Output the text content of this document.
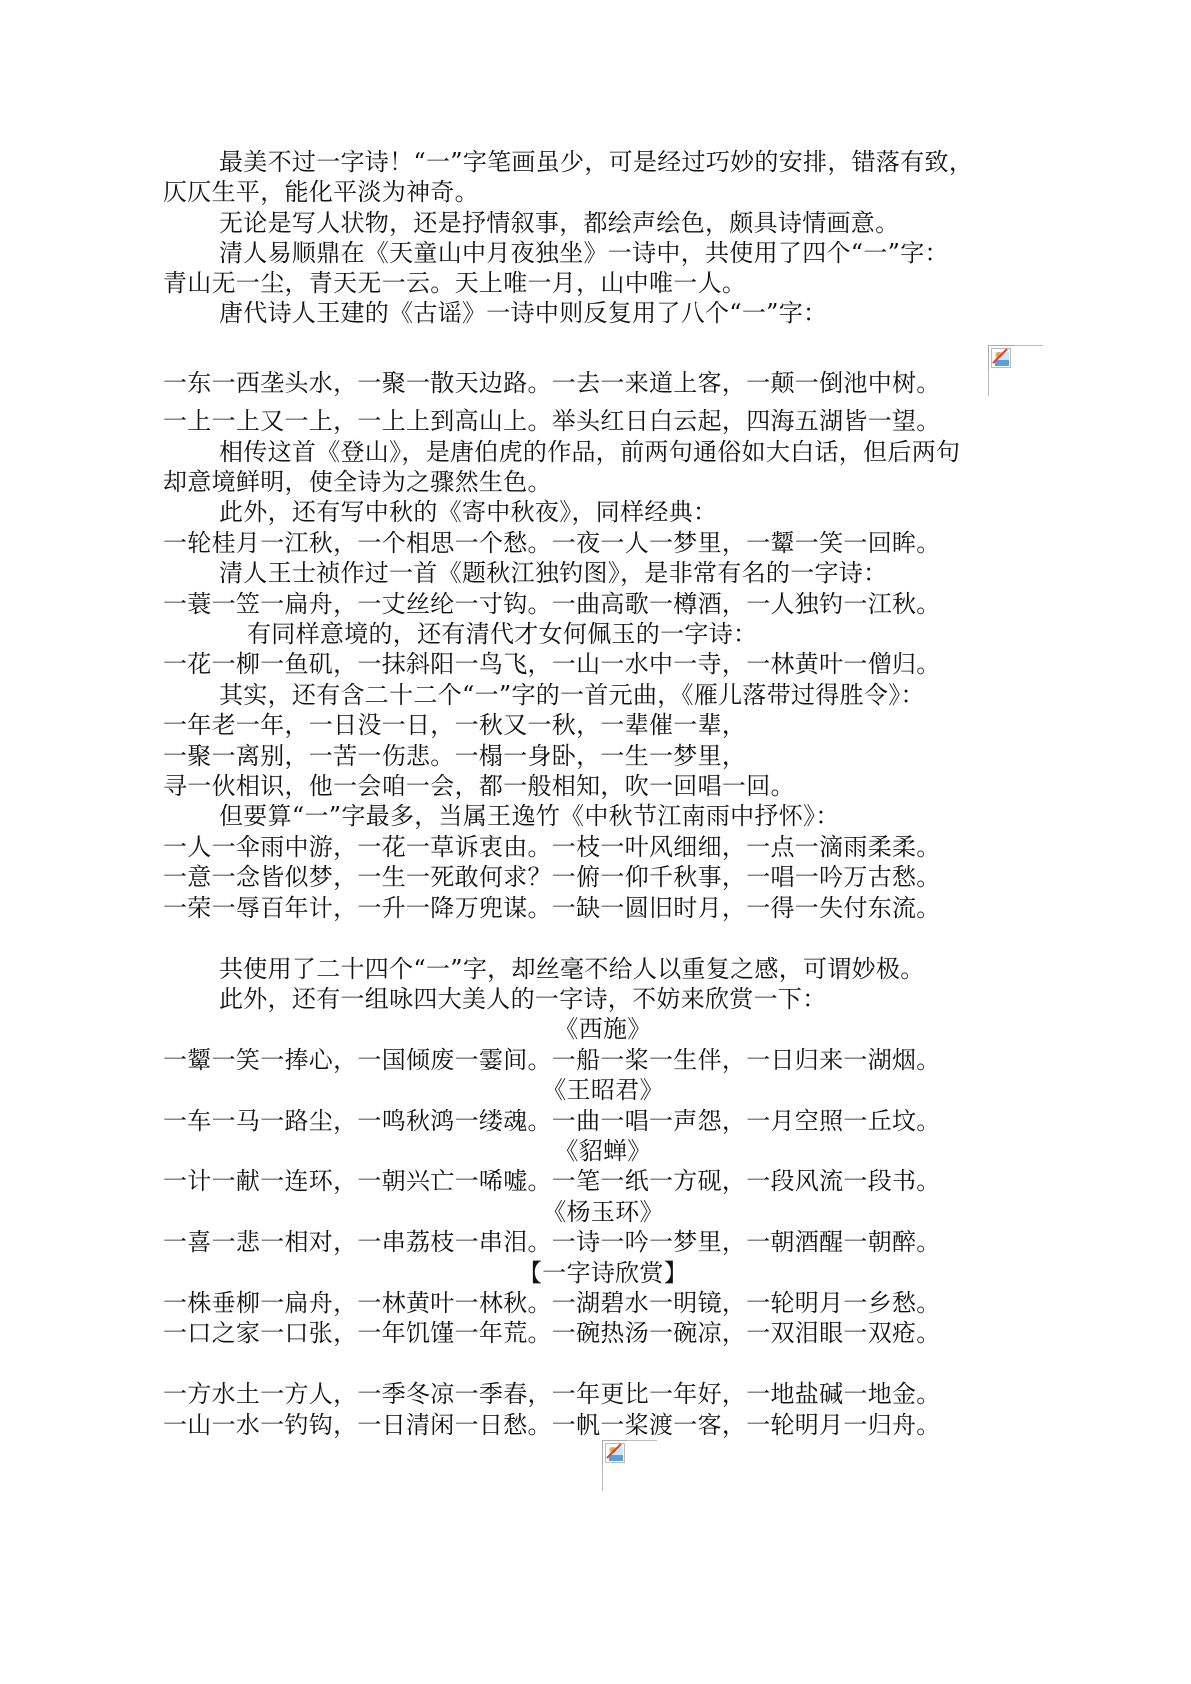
最美不过一字诗！“一”字笔画虽少，可是经过巧妙的安排，错落有致，
仄仄生平，能化平淡为神奇。
无论是写人状物，还是抒情叙事，都绘声绘色，颇具诗情画意。
清人易顺鼎在《天童山中月夜独坐》一诗中，共使用了四个“一”字：
青山无一尘，青天无一云。天上唯一月，山中唯一人。
唐代诗人王建的《古谣》一诗中则反复用了八个“一”字：
一东一西垄头水，一聚一散天边路。一去一来道上客，一颠一倒池中树。
一上一上又一上，一上上到高山上。举头红日白云起，四海五湖皆一望。
相传这首《登山》，是唐伯虎的作品，前两句通俗如大白话，但后两句
却意境鲜明，使全诗为之骤然生色。
此外，还有写中秋的《寄中秋夜》，同样经典：
一轮桂月一江秋，一个相思一个愁。一夜一人一梦里，一颦一笑一回眸。
清人王士祯作过一首《题秋江独钓图》，是非常有名的一字诗：
一蓑一笠一扁舟，一丈丝纶一寸钩。一曲高歌一樽酒，一人独钓一江秋。
有同样意境的，还有清代才女何佩玉的一字诗：
一花一柳一鱼矶，一抹斜阳一鸟飞，一山一水中一寺，一林黄叶一僧归。
其实，还有含二十二个“一”字的一首元曲，《雁儿落带过得胜令》：
一年老一年，一日没一日，一秋又一秋，一辈催一辈，
一聚一离别，一苦一伤悲。一榻一身卧，一生一梦里，
寻一伙相识，他一会咱一会，都一般相知，吹一回唱一回。
但要算“一”字最多，当属王逸竹《中秋节江南雨中抒怀》：
一人一伞雨中游，一花一草诉衷由。一枝一叶风细细，一点一滴雨柔柔。
一意一念皆似梦，一生一死敢何求？一俯一仰千秋事，一唱一吟万古愁。
一荣一辱百年计，一升一降万兜谋。一缺一圆旧时月，一得一失付东流。
共使用了二十四个“一”字，却丝毫不给人以重复之感，可谓妙极。
此外，还有一组咏四大美人的一字诗，不妨来欣赏一下：
《西施》
一颦一笑一捧心，一国倾废一霎间。一船一桨一生伴，一日归来一湖烟。
《王昭君》
一车一马一路尘，一鸣秋鸿一缕魂。一曲一唱一声怨，一月空照一丘坟。
《貂蝉》
一计一献一连环，一朝兴亡一唏嘘。一笔一纸一方砚，一段风流一段书。
《杨玉环》
一喜一悲一相对，一串荔枝一串泪。一诗一吟一梦里，一朝酒醒一朝醉。
【一字诗欣赏】
一株垂柳一扁舟，一林黄叶一林秋。一湖碧水一明镜，一轮明月一乡愁。
一口之家一口张，一年饥馑一年荒。一碗热汤一碗凉，一双泪眼一双疮。
一方水土一方人，一季冬凉一季春，一年更比一年好，一地盐碱一地金。
一山一水一钓钩，一日清闲一日愁。一帆一桨渡一客，一轮明月一归舟。
